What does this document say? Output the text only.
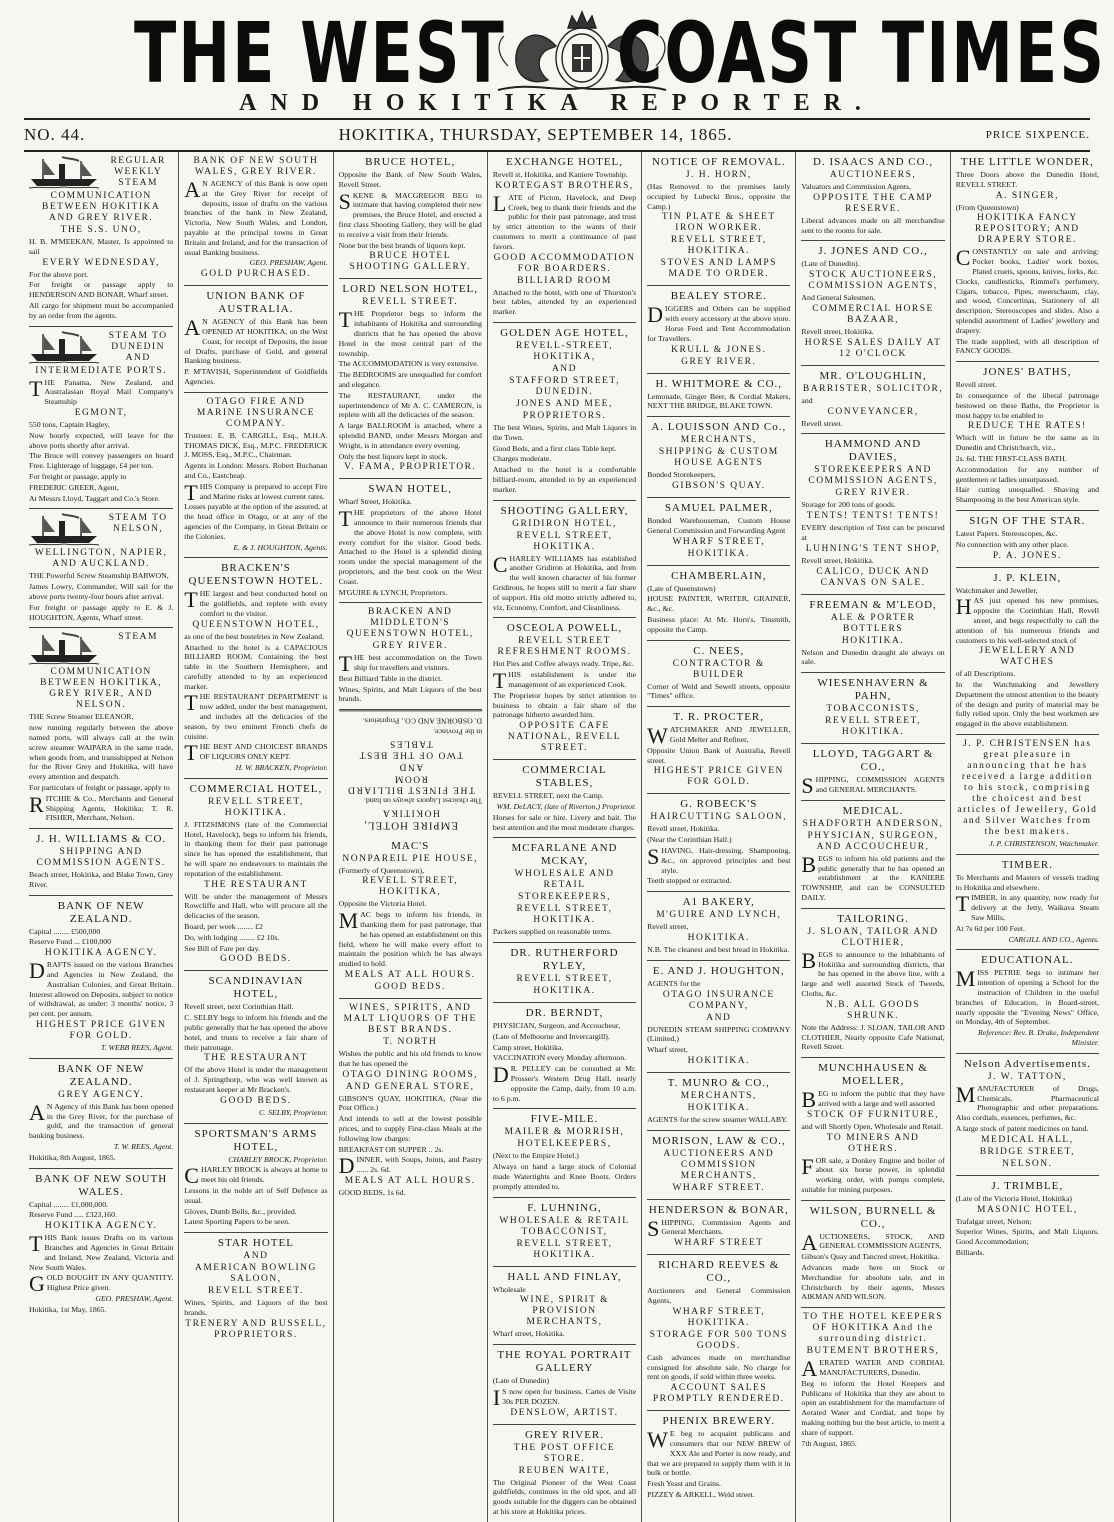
THE WEST COAST TIMES
AND HOKITIKA REPORTER.
NO. 44.	HOKITIKA, THURSDAY, SEPTEMBER 14, 1865.	PRICE SIXPENCE.
REGULAR WEEKLY STEAM COMMUNICATION BETWEEN HOKITIKA AND GREY RIVER.
THE S.S. UNO,
H. B. M'MEEKAN, Master, Is appointed to sail
EVERY WEDNESDAY,
For the above port.
For freight or passage apply to HENDERSON AND BONAR, Wharf street.
All cargo for shipment must be accompanied by an order from the agents.
STEAM TO DUNEDIN AND INTERMEDIATE PORTS.
THE Panama, New Zealand, and Australasian Royal Mail Company's Steamship
EGMONT,
550 tons, Captain Hagley,
Now hourly expected, will leave for the above ports shortly after arrival.
The Bruce will convey passengers on board Free. Lighterage of luggage, £4 per ton.
For freight or passage, apply to
FREDERIC GREER, Agent,
At Messrs Lloyd, Taggart and Co.'s Store.
STEAM TO NELSON, WELLINGTON, NAPIER, AND AUCKLAND.
THE Powerful Screw Steamship BARWON,
James Lowry, Commander, Will sail for the above ports twenty-four hours after arrival.
For freight or passage apply to E. & J. HOUGHTON, Agents, Wharf street.
STEAM COMMUNICATION BETWEEN HOKITIKA, GREY RIVER, AND NELSON.
THE Screw Steamer ELEANOR,
now running regularly between the above named ports, will always call at the twin screw steamer WAIPARA in the same trade, when goods from, and transshipped at Nelson for the River Grey and Hokitika, will have every attention and despatch.
For particulars of freight or passage, apply to
RITCHIE & Co., Merchants and General Shipping Agents, Hokitika; T. R. FISHER, Merchant, Nelson.
J. H. WILLIAMS & CO.
SHIPPING AND COMMISSION AGENTS.
Beach street, Hokitika, and Blake Town, Grey River.
BANK OF NEW ZEALAND.
Capital ........ £500,000
Reserve Fund ... £100,000
HOKITIKA AGENCY.
DRAFTS issued on the various Branches and Agencies in New Zealand, the Australian Colonies, and Great Britain. Interest allowed on Deposits, subject to notice of withdrawal, as under: 3 months' notice, 3 per cent. per annum.
HIGHEST PRICE GIVEN FOR GOLD.
T. WEBB REES, Agent.
BANK OF NEW ZEALAND.
GREY AGENCY.
AN Agency of this Bank has been opened in the Grey River, for the purchase of gold, and the transaction of general banking business.
T. W. REES, Agent.
Hokitika, 8th August, 1865.
BANK OF NEW SOUTH WALES.
Capital ........ £1,000,000.
Reserve Fund ..... £323,160.
HOKITIKA AGENCY.
THIS Bank issues Drafts on its various Branches and Agencies in Great Britain and Ireland, New Zealand, Victoria and New South Wales.
GOLD BOUGHT IN ANY QUANTITY. Highest Price given.
GEO. PRESHAW, Agent.
Hokitika, 1st May, 1865.
BANK OF NEW SOUTH WALES, GREY RIVER.
AN AGENCY of this Bank is now open at the Grey River for receipt of deposits, issue of drafts on the various branches of the bank in New Zealand, Victoria, New South Wales, and London, payable at the principal towns in Great Britain and Ireland, and for the transaction of usual Banking business.
GEO. PRESHAW, Agent.
GOLD PURCHASED.
UNION BANK OF AUSTRALIA.
AN AGENCY of this Bank has been OPENED AT HOKITIKA, on the West Coast, for receipt of Deposits, the issue of Drafts, purchase of Gold, and general Banking business.
P. M'TAVISH, Superintendent of Goldfields Agencies.
OTAGO FIRE AND MARINE INSURANCE COMPANY.
Trustees: E. B. CARGILL, Esq., M.H.A. THOMAS DICK, Esq., M.P.C. FREDERICK J. MOSS, Esq., M.P.C., Chairman.
Agents in London: Messrs. Robert Buchanan and Co., Eastcheap.
THIS Company is prepared to accept Fire and Marine risks at lowest current rates.
Losses payable at the option of the assured, at the head office in Otago, or at any of the agencies of the Company, in Great Britain or the Colonies.
E. & J. HOUGHTON, Agents.
BRACKEN'S QUEENSTOWN HOTEL.
THE largest and best conducted hotel on the goldfields, and replete with every comfort to the visitor.
QUEENSTOWN HOTEL,
as one of the best hostelries in New Zealand.
Attached to the hotel is a CAPACIOUS BILLIARD ROOM, Containing the best table in the Southern Hemisphere, and carefully attended to by an experienced marker.
THE RESTAURANT DEPARTMENT is now added, under the best management, and includes all the delicacies of the season, by two eminent French chefs de cuisine.
THE BEST AND CHOICEST BRANDS OF LIQUORS ONLY KEPT.
H. W. BRACKEN, Proprietor.
COMMERCIAL HOTEL,
REVELL STREET, HOKITIKA.
J. FITZSIMONS (late of the Commercial Hotel, Havelock), begs to inform his friends, in thanking them for their past patronage since he has opened the establishment, that he will spare no endeavours to maintain the reputation of the establishment.
THE RESTAURANT
Will be under the management of Messrs Rowcliffe and Hall, who will procure all the delicacies of the season.
Board, per week ........ £2
Do, with lodging ........ £2 10s.
See Bill of Fare per day.
GOOD BEDS.
SCANDINAVIAN HOTEL,
Revell street, next Corinthian Hall.
C. SELBY begs to inform his friends and the public generally that he has opened the above hotel, and trusts to receive a fair share of their patronage.
THE RESTAURANT
Of the above Hotel is under the management of J. Springthorp, who was well known as restaurant keeper at Mr Bracken's.
GOOD BEDS.
C. SELBY, Proprietor.
SPORTSMAN'S ARMS HOTEL,
CHARLEY BROCK, Proprietor.
CHARLEY BROCK is always at home to meet his old friends.
Lessons in the noble art of Self Defence as usual.
Gloves, Dumb Bells, &c., provided.
Latest Sporting Papers to be seen.
STAR HOTEL
AND
AMERICAN BOWLING SALOON,
REVELL STREET.
Wines, Spirits, and Liquors of the best brands.
TRENERY AND RUSSELL, PROPRIETORS.
BRUCE HOTEL,
Opposite the Bank of New South Wales, Revell Street.
SKENE & MACGREGOR BEG to intimate that having completed their new premises, the Bruce Hotel, and erected a first class Shooting Gallery, they will be glad to receive a visit from their friends.
None but the best brands of liquors kept.
BRUCE HOTEL SHOOTING GALLERY.
LORD NELSON HOTEL,
REVELL STREET.
THE Proprietor begs to inform the inhabitants of Hokitika and surrounding districts that he has opened the above Hotel in the most central part of the township.
The ACCOMMODATION is very extensive.
The BEDROOMS are unequalled for comfort and elegance.
The RESTAURANT, under the superintendence of Mr A. C. CAMERON, is replete with all the delicacies of the season.
A large BALLROOM is attached, where a splendid BAND, under Messrs Morgan and Wright, is in attendance every evening.
Only the best liquors kept in stock.
V. FAMA, PROPRIETOR.
SWAN HOTEL,
Wharf Street, Hokitika.
THE proprietors of the above Hotel announce to their numerous friends that the above Hotel is now complete, with every comfort for the visitor. Good beds. Attached to the Hotel is a splendid dining room under the special management of the proprietors, and the best cook on the West Coast.
M'GUIRE & LYNCH, Proprietors.
BRACKEN AND MIDDLETON'S QUEENSTOWN HOTEL,
GREY RIVER.
THE best accommodation on the Town ship for travellers and visitors.
Best Billiard Table in the district.
Wines, Spirits, and Malt Liquors of the best brands.
EMPIRE HOTEL,
HOKITIKA
The choicest Liquors always on hand.
THE FINEST BILLIARD ROOM
AND
TWO OF THE BEST TABLES
in the Province.
D. OSBORNE AND CO., Proprietors.
MAC'S
NONPAREIL PIE HOUSE,
(Formerly of Queenstown),
REVELL STREET, HOKITIKA,
Opposite the Victoria Hotel.
MAC begs to inform his friends, in thanking them for past patronage, that he has opened an establishment on this field, where he will make every effort to maintain the position which he has always studied to hold.
MEALS AT ALL HOURS.
GOOD BEDS.
WINES, SPIRITS, AND MALT LIQUORS OF THE BEST BRANDS.
T. NORTH
Wishes the public and his old friends to know that he has opened the
OTAGO DINING ROOMS,
AND GENERAL STORE,
GIBSON'S QUAY, HOKITIKA, (Near the Post Office.)
And intends to sell at the lowest possible prices, and to supply First-class Meals at the following low charges:
BREAKFAST OR SUPPER .. 2s.
DINNER, with Soups, Joints, and Pastry ...... 2s. 6d.
MEALS AT ALL HOURS.
GOOD BEDS, 1s 6d.
EXCHANGE HOTEL,
Revell st, Hokitika, and Kaniere Township.
KORTEGAST BROTHERS,
LATE of Picton, Havelock, and Deep Creek, beg to thank their friends and the public for their past patronage, and trust by strict attention to the wants of their customers to merit a continuance of past favors.
GOOD ACCOMMODATION FOR BOARDERS.
BILLIARD ROOM
Attached to the hotel, with one of Thurston's best tables, attended by an experienced marker.
GOLDEN AGE HOTEL,
REVELL-STREET, HOKITIKA,
AND
STAFFORD STREET, DUNEDIN.
JONES AND MEE,
PROPRIETORS.
The best Wines, Spirits, and Malt Liquors in the Town.
Good Beds, and a first class Table kept.
Charges moderate.
Attached to the hotel is a comfortable billiard-room, attended to by an experienced marker.
SHOOTING GALLERY,
GRIDIRON HOTEL,
REVELL STREET, HOKITIKA.
CHARLEY WILLIAMS has established another Gridiron at Hokitika, and from the well known character of his former Gridirons, he hopes still to merit a fair share of support. His old motto strictly adhered to, viz, Economy, Comfort, and Cleanliness.
OSCEOLA POWELL,
REVELL STREET REFRESHMENT ROOMS.
Hot Pies and Coffee always ready. Tripe, &c.
THIS establishment is under the management of an experienced Cook.
The Proprietor hopes by strict attention to business to obtain a fair share of the patronage hitherto awarded him.
OPPOSITE CAFE NATIONAL, REVELL STREET.
COMMERCIAL STABLES,
REVELL STREET, next the Camp.
WM. DeLACY, (late of Riverton,) Proprietor.
Horses for sale or hire. Livery and bait. The best attention and the most moderate charges.
MCFARLANE AND MCKAY,
WHOLESALE AND RETAIL
STOREKEEPERS,
REVELL STREET, HOKITIKA.
Packers supplied on reasonable terms.
DR. RUTHERFORD RYLEY,
REVELL STREET,
HOKITIKA.
DR. BERNDT,
PHYSICIAN, Surgeon, and Accoucheur,
(Late of Melbourne and Invercargill).
Camp street, Hokitika.
VACCINATION every Monday afternoon.
DR. PELLEY can be consulted at Mr. Prosser's Western Drug Hall, nearly opposite the Camp, daily, from 10 a.m. to 6 p.m.
FIVE-MILE.
MAILER & MORRISH,
HOTELKEEPERS,
(Next to the Empire Hotel.)
Always on hand a large stock of Colonial made Watertights and Knee Boots. Orders promptly attended to.
F. LUHNING,
WHOLESALE & RETAIL TOBACCONIST,
REVELL STREET, HOKITIKA.
HALL AND FINLAY,
Wholesale
WINE, SPIRIT & PROVISION MERCHANTS,
Wharf street, Hokitika.
THE ROYAL PORTRAIT GALLERY
(Late of Dunedin)
IS now open for business. Cartes de Visite 30s PER DOZEN.
DENSLOW, ARTIST.
GREY RIVER.
THE POST OFFICE STORE.
REUBEN WAITE,
The Original Pioneer of the West Coast goldfields, continues in the old spot, and all goods suitable for the diggers can be obtained at his store at Hokitika prices.
NOTICE OF REMOVAL.
J. H. HORN,
(Has Removed to the premises lately occupied by Lubecki Bros., opposite the Camp.)
TIN PLATE & SHEET IRON WORKER.
REVELL STREET, HOKITIKA.
STOVES AND LAMPS MADE TO ORDER.
BEALEY STORE.
DIGGERS and Others can be supplied with every accessory at the above store. Horse Feed and Tent Accommodation for Travellers.
KRULL & JONES.
GREY RIVER.
H. WHITMORE & CO.,
Lemonade, Ginger Beer, & Cordial Makers, NEXT THE BRIDGE, BLAKE TOWN.
A. LOUISSON AND Co.,
MERCHANTS,
SHIPPING & CUSTOM HOUSE AGENTS
Bonded Storekeepers,
GIBSON'S QUAY.
SAMUEL PALMER,
Bonded Warehouseman, Custom House General Commission and Forwarding Agent
WHARF STREET,
HOKITIKA.
CHAMBERLAIN,
(Late of Queenstown)
HOUSE PAINTER, WRITER, GRAINER, &c., &c.
Business place: At Mr. Horn's, Tinsmith, opposite the Camp.
C. NEES,
CONTRACTOR & BUILDER
Corner of Weld and Sewell streets, opposite "Times" office.
T. R. PROCTER,
WATCHMAKER AND JEWELLER, Gold Melter and Refiner,
Opposite Union Bank of Australia, Revell street.
HIGHEST PRICE GIVEN FOR GOLD.
G. ROBECK'S
HAIRCUTTING SALOON,
Revell street, Hokitika.
(Near the Corinthian Hall.)
SHAVING, Hair-dressing, Shampooing, &c., on approved principles and best style.
Teeth stopped or extracted.
A1 BAKERY,
M'GUIRE AND LYNCH,
Revell street,
HOKITIKA.
N.B. The cleanest and best bread in Hokitika.
E. AND J. HOUGHTON,
AGENTS for the
OTAGO INSURANCE COMPANY,
AND
DUNEDIN STEAM SHIPPING COMPANY (Limited,)
Wharf street,
HOKITIKA.
T. MUNRO & CO.,
MERCHANTS,
HOKITIKA.
AGENTS for the screw steamer WALLABY.
MORISON, LAW & CO.,
AUCTIONEERS AND COMMISSION MERCHANTS,
WHARF STREET.
HENDERSON & BONAR,
SHIPPING, Commission Agents and General Merchants.
WHARF STREET
RICHARD REEVES & CO.,
Auctioneers and General Commission Agents,
WHARF STREET, HOKITIKA.
STORAGE FOR 500 TONS GOODS.
Cash advances made on merchandise consigned for absolute sale. No charge for rent on goods, if sold within three weeks.
ACCOUNT SALES PROMPTLY RENDERED.
PHENIX BREWERY.
WE beg to acquaint publicans and consumers that our NEW BREW of XXX Ale and Porter is now ready, and that we are prepared to supply them with it in bulk or bottle.
Fresh Yeast and Grains.
PIZZEY & ARKELL, Weld street.
D. ISAACS AND CO.,
AUCTIONEERS,
Valuators and Commission Agents,
OPPOSITE THE CAMP RESERVE.
Liberal advances made on all merchandise sent to the rooms for sale.
J. JONES AND CO.,
(Late of Dunedin).
STOCK AUCTIONEERS, COMMISSION AGENTS,
And General Salesmen,
COMMERCIAL HORSE BAZAAR,
Revell street, Hokitika.
HORSE SALES DAILY AT 12 O'CLOCK
MR. O'LOUGHLIN,
BARRISTER, SOLICITOR,
and
CONVEYANCER,
Revell street.
HAMMOND AND DAVIES,
STOREKEEPERS AND COMMISSION AGENTS,
GREY RIVER.
Storage for 200 tons of goods.
TENTS! TENTS! TENTS!
EVERY description of Tent can be procured at
LUHNING'S TENT SHOP,
Revell street, Hokitika.
CALICO, DUCK AND CANVAS ON SALE.
FREEMAN & M'LEOD,
ALE & PORTER BOTTLERS
HOKITIKA.
Nelson and Dunedin draught ale always on sale.
WIESENHAVERN & PAHN,
TOBACCONISTS,
REVELL STREET, HOKITIKA.
LLOYD, TAGGART & CO.,
SHIPPING, COMMISSION AGENTS and GENERAL MERCHANTS.
MEDICAL.
SHADFORTH ANDERSON,
PHYSICIAN, SURGEON, AND ACCOUCHEUR,
BEGS to inform his old patients and the public generally that he has opened an establishment at the KANIERE TOWNSHIP, and can be CONSULTED DAILY.
TAILORING.
J. SLOAN, TAILOR AND CLOTHIER,
BEGS to announce to the inhabitants of Hokitika and surrounding districts, that he has opened in the above line, with a large and well assorted Stock of Tweeds, Cloths, &c.
N.B. ALL GOODS SHRUNK.
Note the Address: J. SLOAN, TAILOR AND CLOTHIER, Nearly opposite Cafe National, Revell Street.
MUNCHHAUSEN & MOELLER,
BEG to inform the public that they have arrived with a large and well assorted
STOCK OF FURNITURE,
and will Shortly Open, Wholesale and Retail.
TO MINERS AND OTHERS.
FOR sale, a Donkey Engine and boiler of about six horse power, in splendid working order, with pumps complete, suitable for mining purposes.
WILSON, BURNELL & CO.,
AUCTIONEERS, STOCK, AND GENERAL COMMISSION AGENTS,
Gibson's Quay and Tancred street, Hokitika.
Advances made here on Stock or Merchandise for absolute sale, and in Christchurch by their agents, Messrs AIKMAN AND WILSON.
TO THE HOTEL KEEPERS OF HOKITIKA And the surrounding district.
BUTEMENT BROTHERS,
AERATED WATER AND CORDIAL MANUFACTURERS, Dunedin.
Beg to inform the Hotel Keepers and Publicans of Hokitika that they are about to open an establishment for the manufacture of Aerated Water and Cordial, and hope by making nothing but the best article, to merit a share of support.
7th August, 1865.
THE LITTLE WONDER,
Three Doors above the Dunedin Hotel, REVELL STREET.
A. SINGER,
(From Queenstown)
HOKITIKA FANCY REPOSITORY; AND DRAPERY STORE.
CONSTANTLY on sale and arriving: Pocket books, Ladies' work boxes, Plated cruets, spoons, knives, forks, &c. Clocks, candlesticks, Rimmel's perfumery, Cigars, tobacco, Pipes, meerschaum, clay, and wood, Concertinas, Stationery of all description, Stereoscopes and slides. Also a splendid assortment of Ladies' jewellery and drapery.
The trade supplied, with all description of FANCY GOODS.
JONES' BATHS,
Revell street.
In consequence of the liberal patronage bestowed on these Baths, the Proprietor is most happy to be enabled to
REDUCE THE RATES!
Which will in future be the same as in Dunedin and Christchurch, viz.,
2s. 6d. THE FIRST-CLASS BATH.
Accommodation for any number of gentlemen or ladies unsurpassed.
Hair cutting unequalled. Shaving and Shampooing in the best American style.
SIGN OF THE STAR.
Latest Papers. Stereoscopes, &c.
No connection with any other place.
P. A. JONES.
J. P. KLEIN,
Watchmaker and Jeweller,
HAS just opened his new premises, opposite the Corinthian Hall, Revell street, and begs respectfully to call the attention of his numerous friends and customers to his well-selected stock of
JEWELLERY AND WATCHES
of all Descriptions.
In the Watchmaking and Jewellery Department the utmost attention to the beauty of the design and purity of material may be fully relied upon. Only the best workmen are engaged in the above establishment.
J. P. CHRISTENSEN has great pleasure in announcing that he has received a large addition to his stock, comprising the choicest and best articles of Jewellery, Gold and Silver Watches from the best makers.
J. P. CHRISTENSON, Watchmaker.
TIMBER.
To Merchants and Masters of vessels trading to Hokitika and elsewhere.
TIMBER, in any quantity, now ready for delivery at the Jetty, Waikava Steam Saw Mills,
At 7s 6d per 100 Feet.
CARGILL AND CO., Agents.
EDUCATIONAL.
MISS PETRIE begs to intimate her intention of opening a School for the instruction of Children in the useful branches of Education, in Board-street, nearly opposite the "Evening News" Office, on Monday, 4th of September.
Reference: Rev. B. Drake, Independent Minister.
Nelson Advertisements.
J. W. TATTON,
MANUFACTURER of Drugs, Chemicals, Pharmaceutical Photographic and other preparations. Also cordials, essences, perfumes, &c.
A large stock of patent medicines on hand.
MEDICAL HALL,
BRIDGE STREET,
NELSON.
J. TRIMBLE,
(Late of the Victoria Hotel, Hokitika)
MASONIC HOTEL,
Trafalgar street, Nelson;
Superior Wines, Spirits, and Malt Liquors. Good Accommodation;
Billiards.
